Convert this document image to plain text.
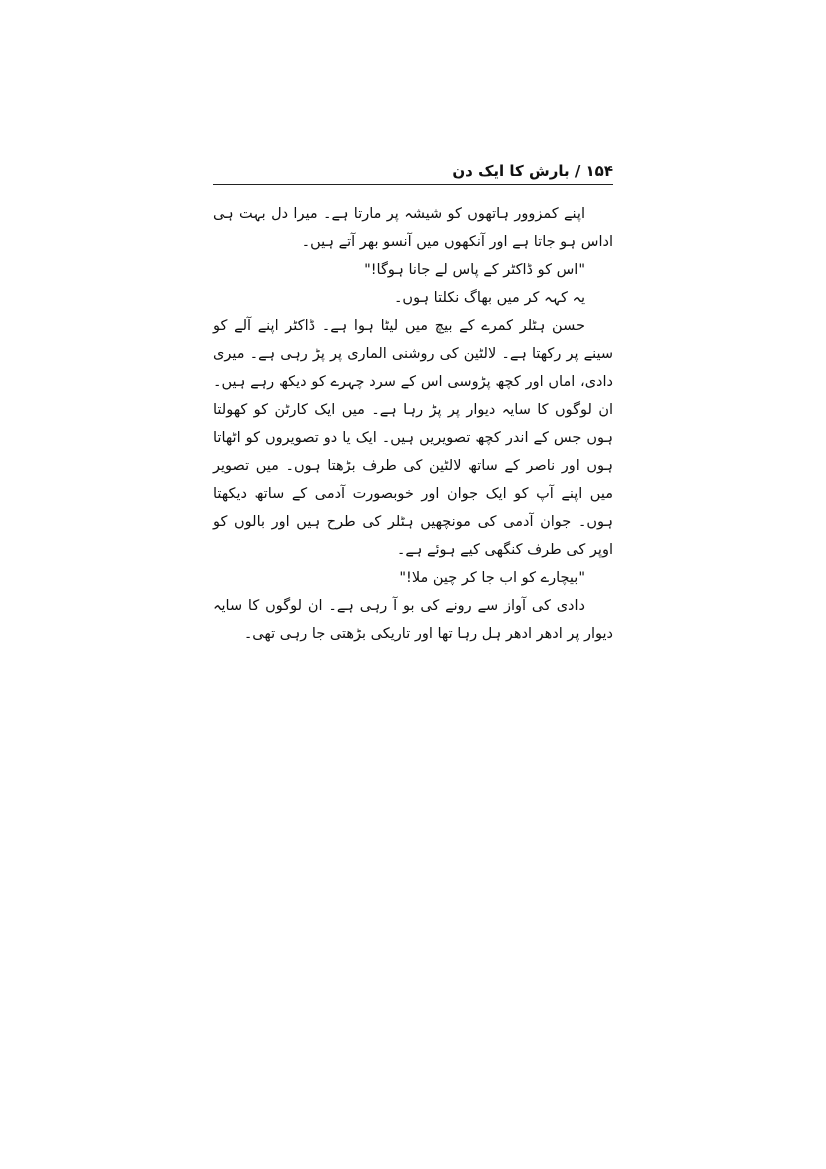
۱۵۴ / بارش کا ایک دن

اپنے کمزوور ہاتھوں کو شیشہ پر مارتا ہے۔ میرا دل بہت ہی اداس ہو جاتا ہے اور آنکھوں میں آنسو بھر آتے ہیں۔

"اس کو ڈاکٹر کے پاس لے جانا ہوگا!"

یہ کہہ کر میں بھاگ نکلتا ہوں۔

حسن ہٹلر کمرے کے بیچ میں لیٹا ہوا ہے۔ ڈاکٹر اپنے آلے کو سینے پر رکھتا ہے۔ لالٹین کی روشنی الماری پر پڑ رہی ہے۔ میری دادی، اماں اور کچھ پڑوسی اس کے سرد چہرے کو دیکھ رہے ہیں۔ ان لوگوں کا سایہ دیوار پر پڑ رہا ہے۔ میں ایک کارٹن کو کھولتا ہوں جس کے اندر کچھ تصویریں ہیں۔ ایک یا دو تصویروں کو اٹھاتا ہوں اور ناصر کے ساتھ لالٹین کی طرف بڑھتا ہوں۔ میں تصویر میں اپنے آپ کو ایک جوان اور خوبصورت آدمی کے ساتھ دیکھتا ہوں۔ جوان آدمی کی مونچھیں ہٹلر کی طرح ہیں اور بالوں کو اوپر کی طرف کنگھی کیے ہوئے ہے۔

"بیچارے کو اب جا کر چین ملا!"

دادی کی آواز سے رونے کی بو آ رہی ہے۔ ان لوگوں کا سایہ دیوار پر ادھر ادھر ہل رہا تھا اور تاریکی بڑھتی جا رہی تھی۔
